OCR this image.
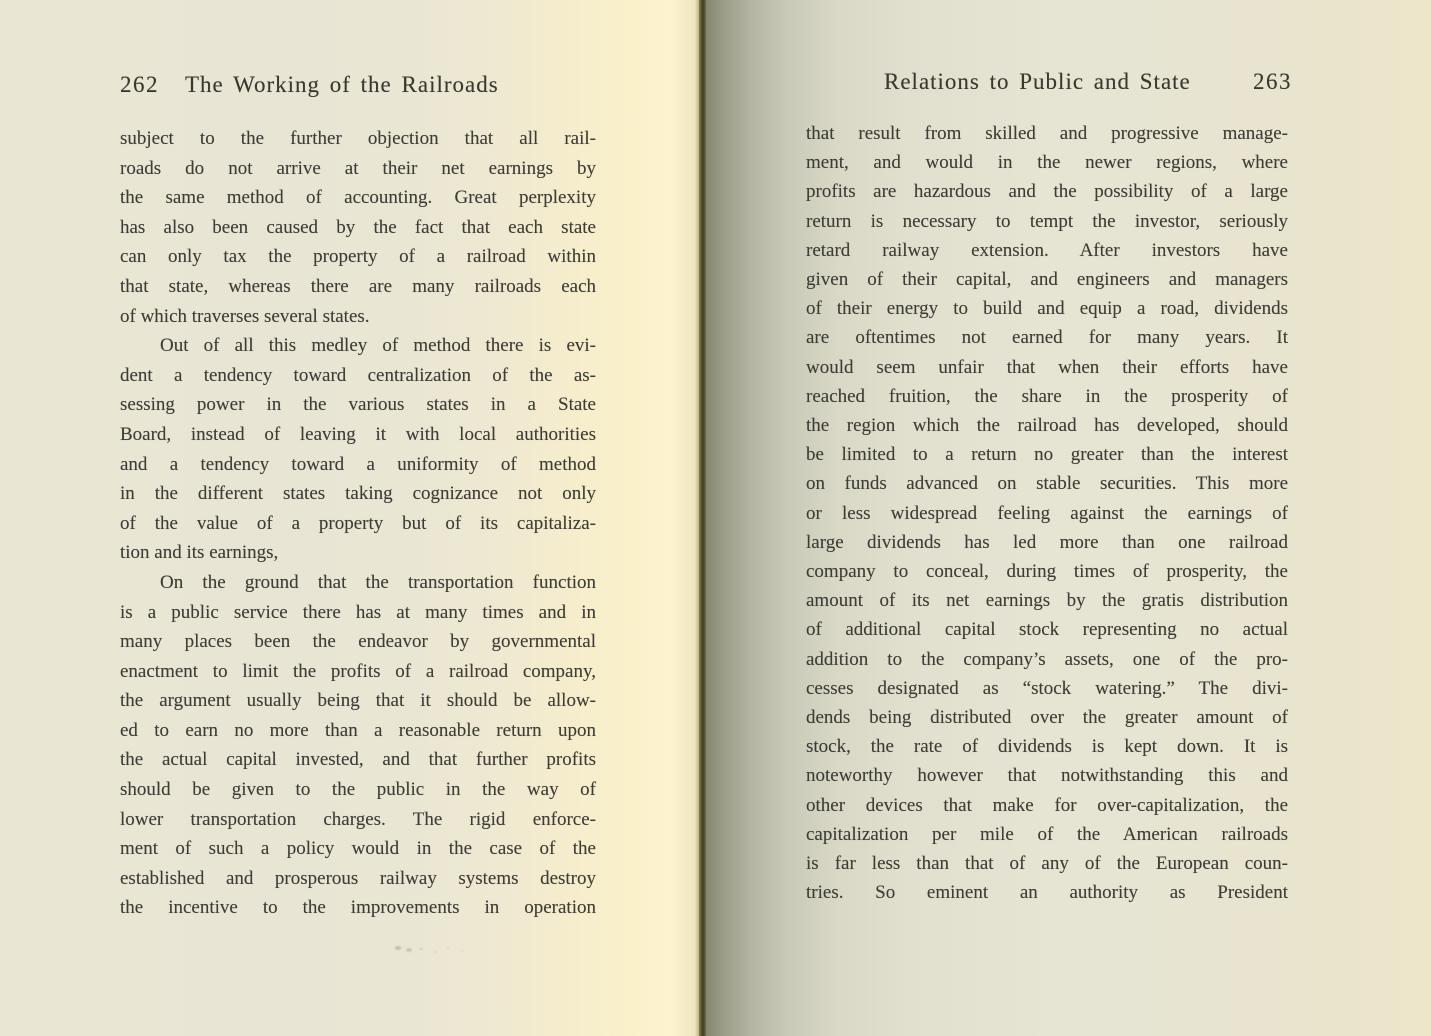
262 The Working of the Railroads	Relations to Public and State	263
subject to the further objection that all rail-
roads do not arrive at their net earnings by
the same method of accounting. Great perplexity
has also been caused by the fact that each state
can only tax the property of a railroad within
that state, whereas there are many railroads each
of which traverses several states.
Out of all this medley of method there is evi-
dent a tendency toward centralization of the as-
sessing power in the various states in a State
Board, instead of leaving it with local authorities
and a tendency toward a uniformity of method
in the different states taking cognizance not only
of the value of a property but of its capitaliza-
tion and its earnings,
On the ground that the transportation function
is a public service there has at many times and in
many places been the endeavor by governmental
enactment to limit the profits of a railroad company,
the argument usually being that it should be allow-
ed to earn no more than a reasonable return upon
the actual capital invested, and that further profits
should be given to the public in the way of
lower transportation charges. The rigid enforce-
ment of such a policy would in the case of the
established and prosperous railway systems destroy
the incentive to the improvements in operation
that result from skilled and progressive manage-
ment, and would in the newer regions, where
profits are hazardous and the possibility of a large
return is necessary to tempt the investor, seriously
retard railway extension. After investors have
given of their capital, and engineers and managers
of their energy to build and equip a road, dividends
are oftentimes not earned for many years. It
would seem unfair that when their efforts have
reached fruition, the share in the prosperity of
the region which the railroad has developed, should
be limited to a return no greater than the interest
on funds advanced on stable securities. This more
or less widespread feeling against the earnings of
large dividends has led more than one railroad
company to conceal, during times of prosperity, the
amount of its net earnings by the gratis distribution
of additional capital stock representing no actual
addition to the company’s assets, one of the pro-
cesses designated as “stock watering.” The divi-
dends being distributed over the greater amount of
stock, the rate of dividends is kept down. It is
noteworthy however that notwithstanding this and
other devices that make for over-capitalization, the
capitalization per mile of the American railroads
is far less than that of any of the European coun-
tries. So eminent an authority as President
